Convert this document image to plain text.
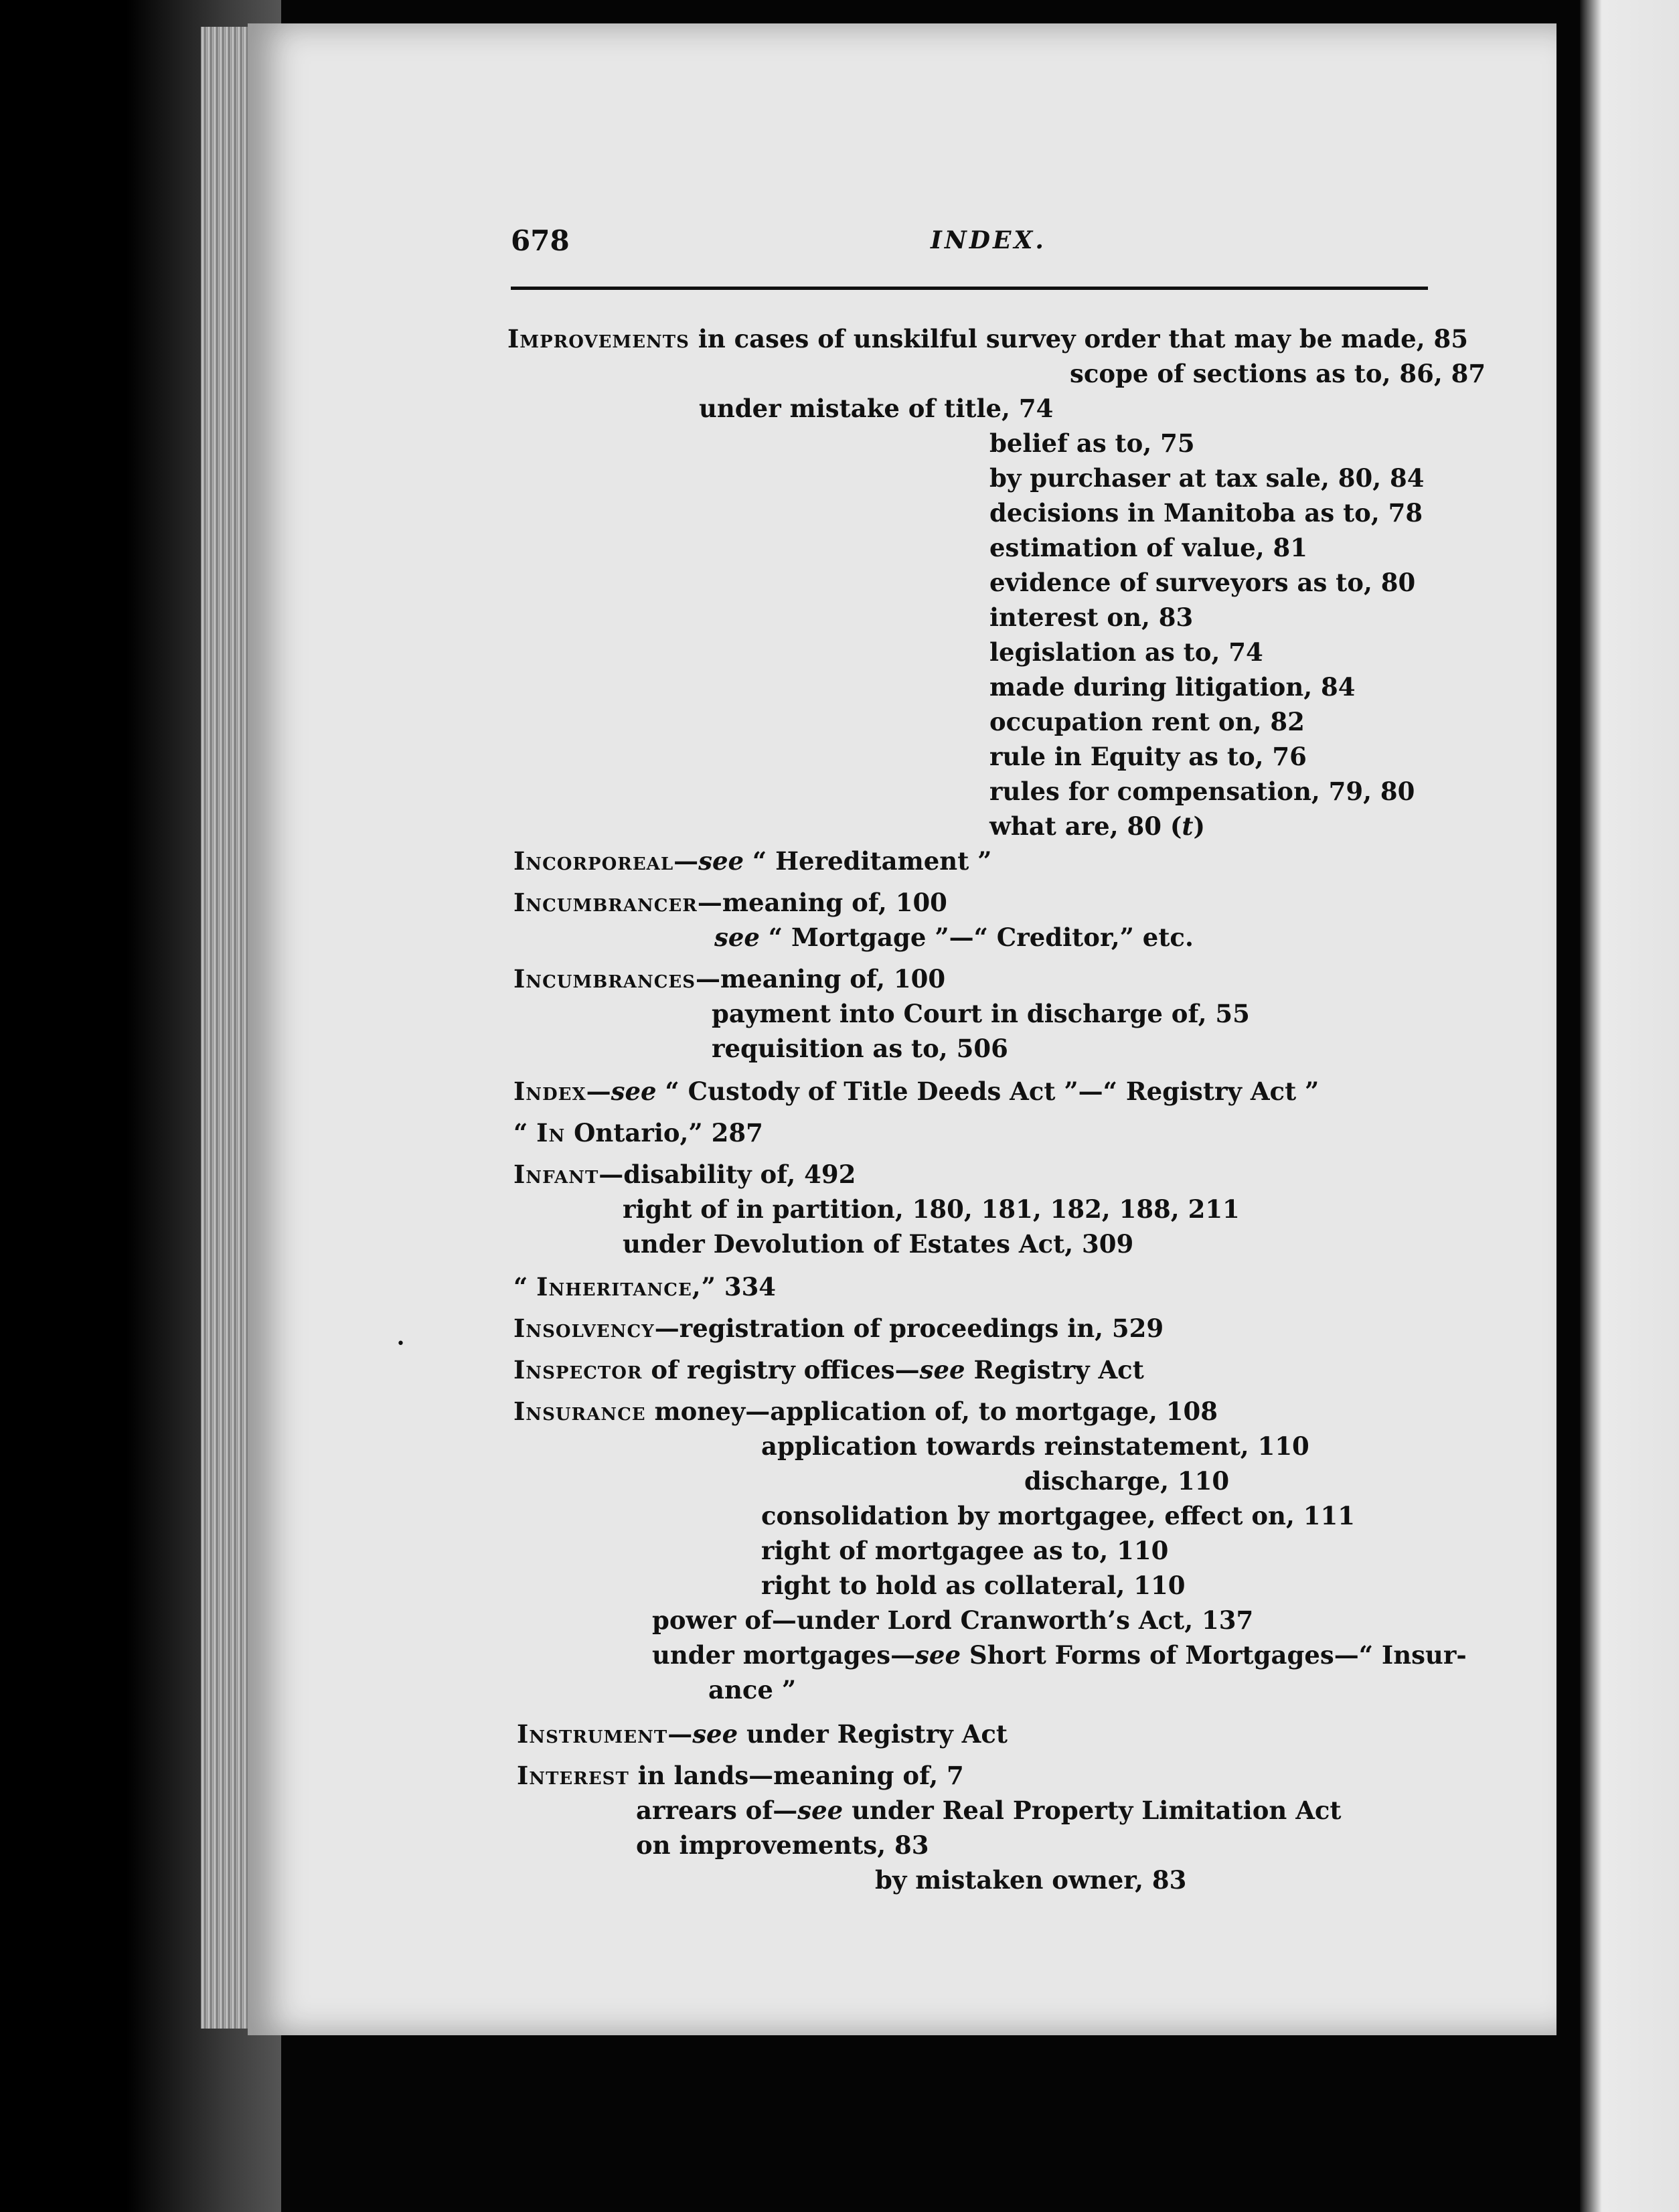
678	INDEX.
Improvements in cases of unskilful survey order that may be made, 85
scope of sections as to, 86, 87
under mistake of title, 74
belief as to, 75
by purchaser at tax sale, 80, 84
decisions in Manitoba as to, 78
estimation of value, 81
evidence of surveyors as to, 80
interest on, 83
legislation as to, 74
made during litigation, 84
occupation rent on, 82
rule in Equity as to, 76
rules for compensation, 79, 80
what are, 80 (t)
Incorporeal—see “ Hereditament ”
Incumbrancer—meaning of, 100
see “ Mortgage ”—“ Creditor,” etc.
Incumbrances—meaning of, 100
payment into Court in discharge of, 55
requisition as to, 506
Index—see “ Custody of Title Deeds Act ”—“ Registry Act ”
“ In Ontario,” 287
Infant—disability of, 492
right of in partition, 180, 181, 182, 188, 211
under Devolution of Estates Act, 309
“ Inheritance,” 334
Insolvency—registration of proceedings in, 529
Inspector of registry offices—see Registry Act
Insurance money—application of, to mortgage, 108
application towards reinstatement, 110
discharge, 110
consolidation by mortgagee, effect on, 111
right of mortgagee as to, 110
right to hold as collateral, 110
power of—under Lord Cranworth’s Act, 137
under mortgages—see Short Forms of Mortgages—“ Insur-
ance ”
Instrument—see under Registry Act
Interest in lands—meaning of, 7
arrears of—see under Real Property Limitation Act
on improvements, 83
by mistaken owner, 83
•
